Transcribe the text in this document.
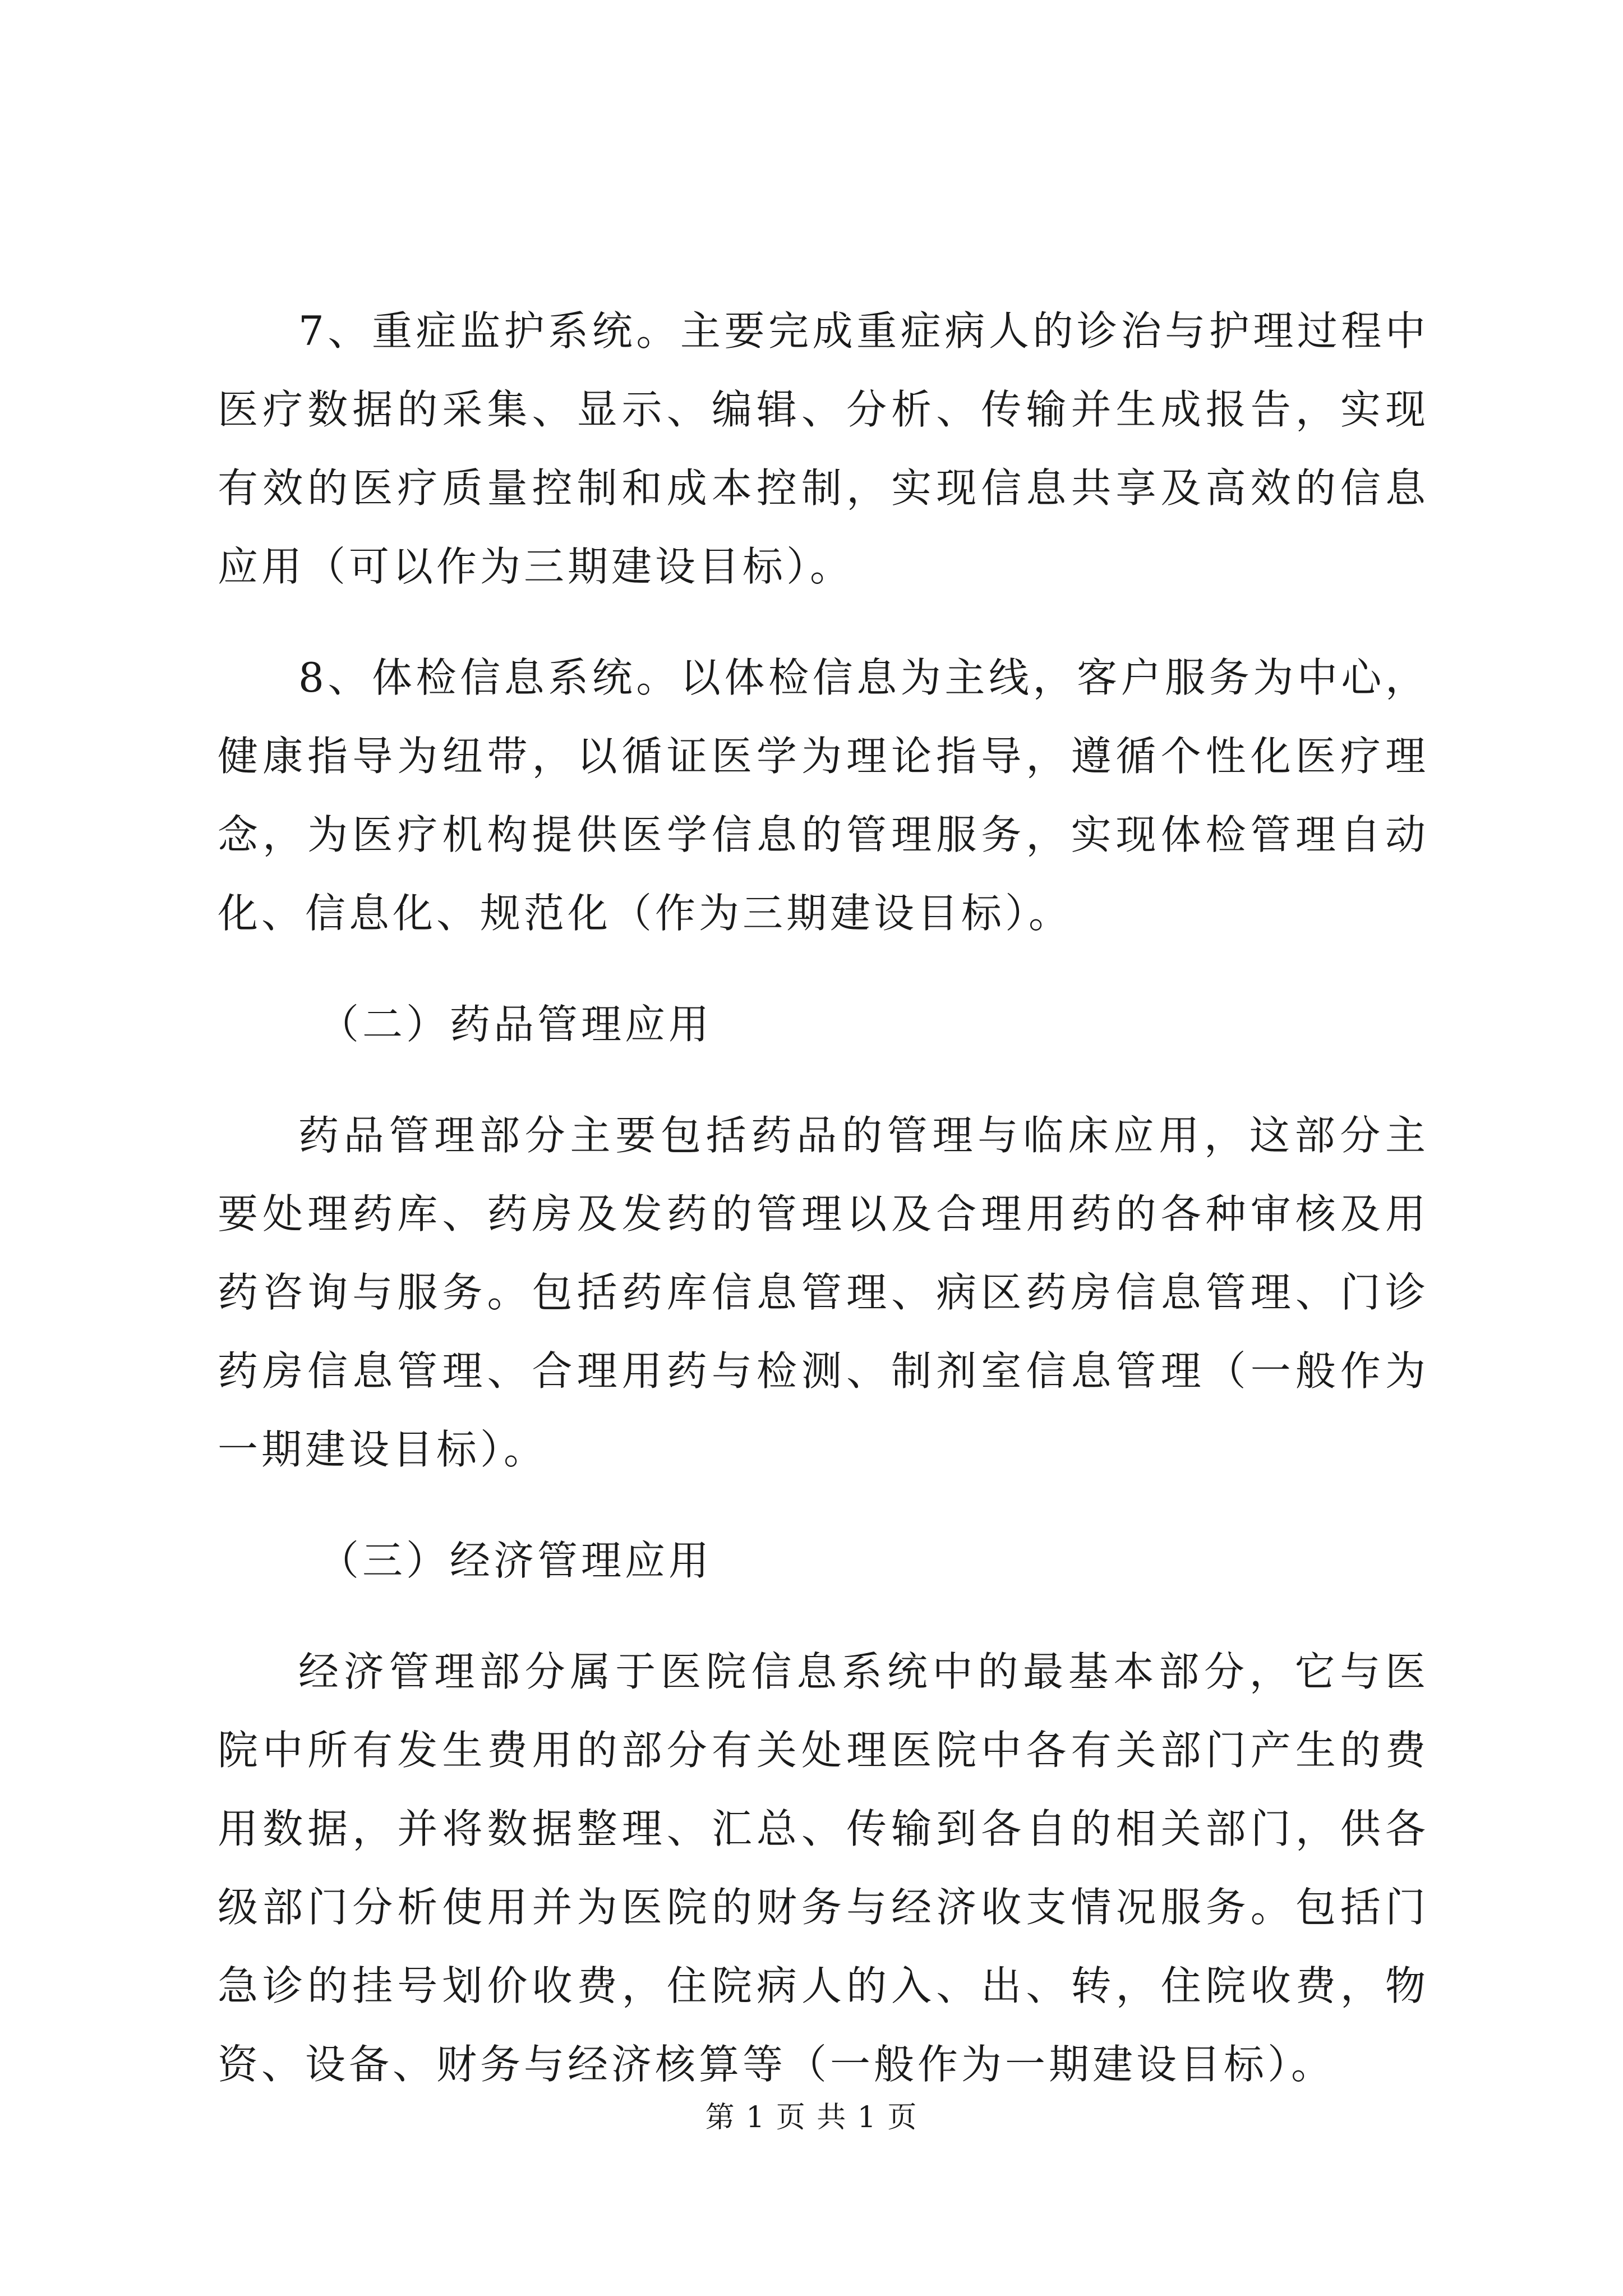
7、重症监护系统。主要完成重症病人的诊治与护理过程中医疗数据的采集、显示、编辑、分析、传输并生成报告，实现有效的医疗质量控制和成本控制，实现信息共享及高效的信息应用（可以作为三期建设目标）。

8、体检信息系统。以体检信息为主线，客户服务为中心，健康指导为纽带，以循证医学为理论指导，遵循个性化医疗理念，为医疗机构提供医学信息的管理服务，实现体检管理自动化、信息化、规范化（作为三期建设目标）。

（二）药品管理应用

药品管理部分主要包括药品的管理与临床应用，这部分主要处理药库、药房及发药的管理以及合理用药的各种审核及用药咨询与服务。包括药库信息管理、病区药房信息管理、门诊药房信息管理、合理用药与检测、制剂室信息管理（一般作为一期建设目标）。

（三）经济管理应用

经济管理部分属于医院信息系统中的最基本部分，它与医院中所有发生费用的部分有关处理医院中各有关部门产生的费用数据，并将数据整理、汇总、传输到各自的相关部门，供各级部门分析使用并为医院的财务与经济收支情况服务。包括门急诊的挂号划价收费，住院病人的入、出、转，住院收费，物资、设备、财务与经济核算等（一般作为一期建设目标）。

第 1 页 共 1 页
